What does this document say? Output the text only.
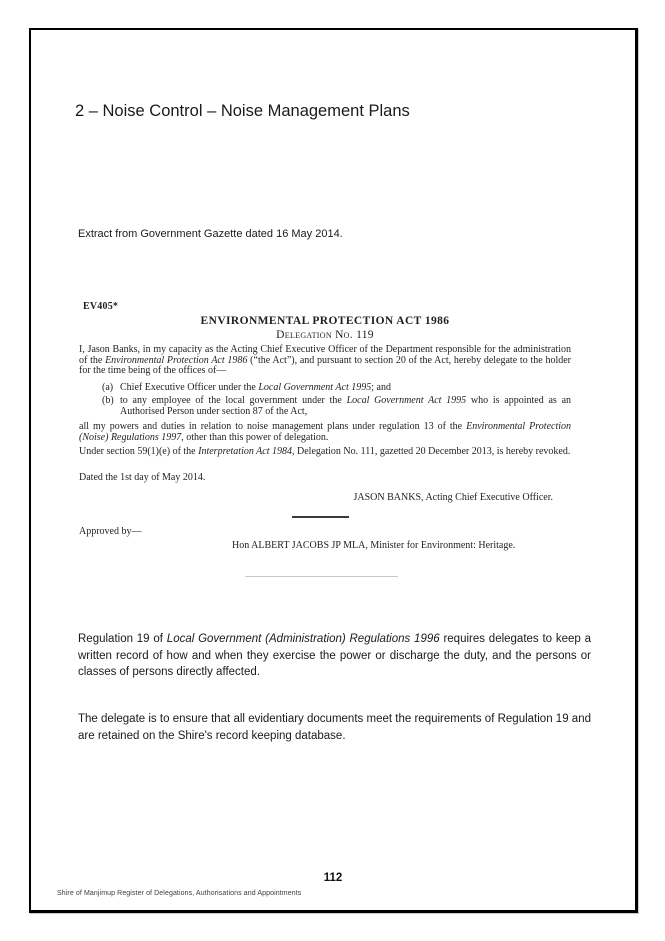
2 – Noise Control – Noise Management Plans
Extract from Government Gazette dated 16 May 2014.
EV405*
ENVIRONMENTAL PROTECTION ACT 1986
Delegation No. 119
I, Jason Banks, in my capacity as the Acting Chief Executive Officer of the Department responsible for the administration of the Environmental Protection Act 1986 (“the Act”), and pursuant to section 20 of the Act, hereby delegate to the holder for the time being of the offices of—
(a) Chief Executive Officer under the Local Government Act 1995; and
(b) to any employee of the local government under the Local Government Act 1995 who is appointed as an Authorised Person under section 87 of the Act,
all my powers and duties in relation to noise management plans under regulation 13 of the Environmental Protection (Noise) Regulations 1997, other than this power of delegation.
Under section 59(1)(e) of the Interpretation Act 1984, Delegation No. 111, gazetted 20 December 2013, is hereby revoked.
Dated the 1st day of May 2014.
JASON BANKS, Acting Chief Executive Officer.
Approved by—
Hon ALBERT JACOBS JP MLA, Minister for Environment: Heritage.
Regulation 19 of Local Government (Administration) Regulations 1996 requires delegates to keep a written record of how and when they exercise the power or discharge the duty, and the persons or classes of persons directly affected.
The delegate is to ensure that all evidentiary documents meet the requirements of Regulation 19 and are retained on the Shire's record keeping database.
112
Shire of Manjimup Register of Delegations, Authorisations and Appointments
